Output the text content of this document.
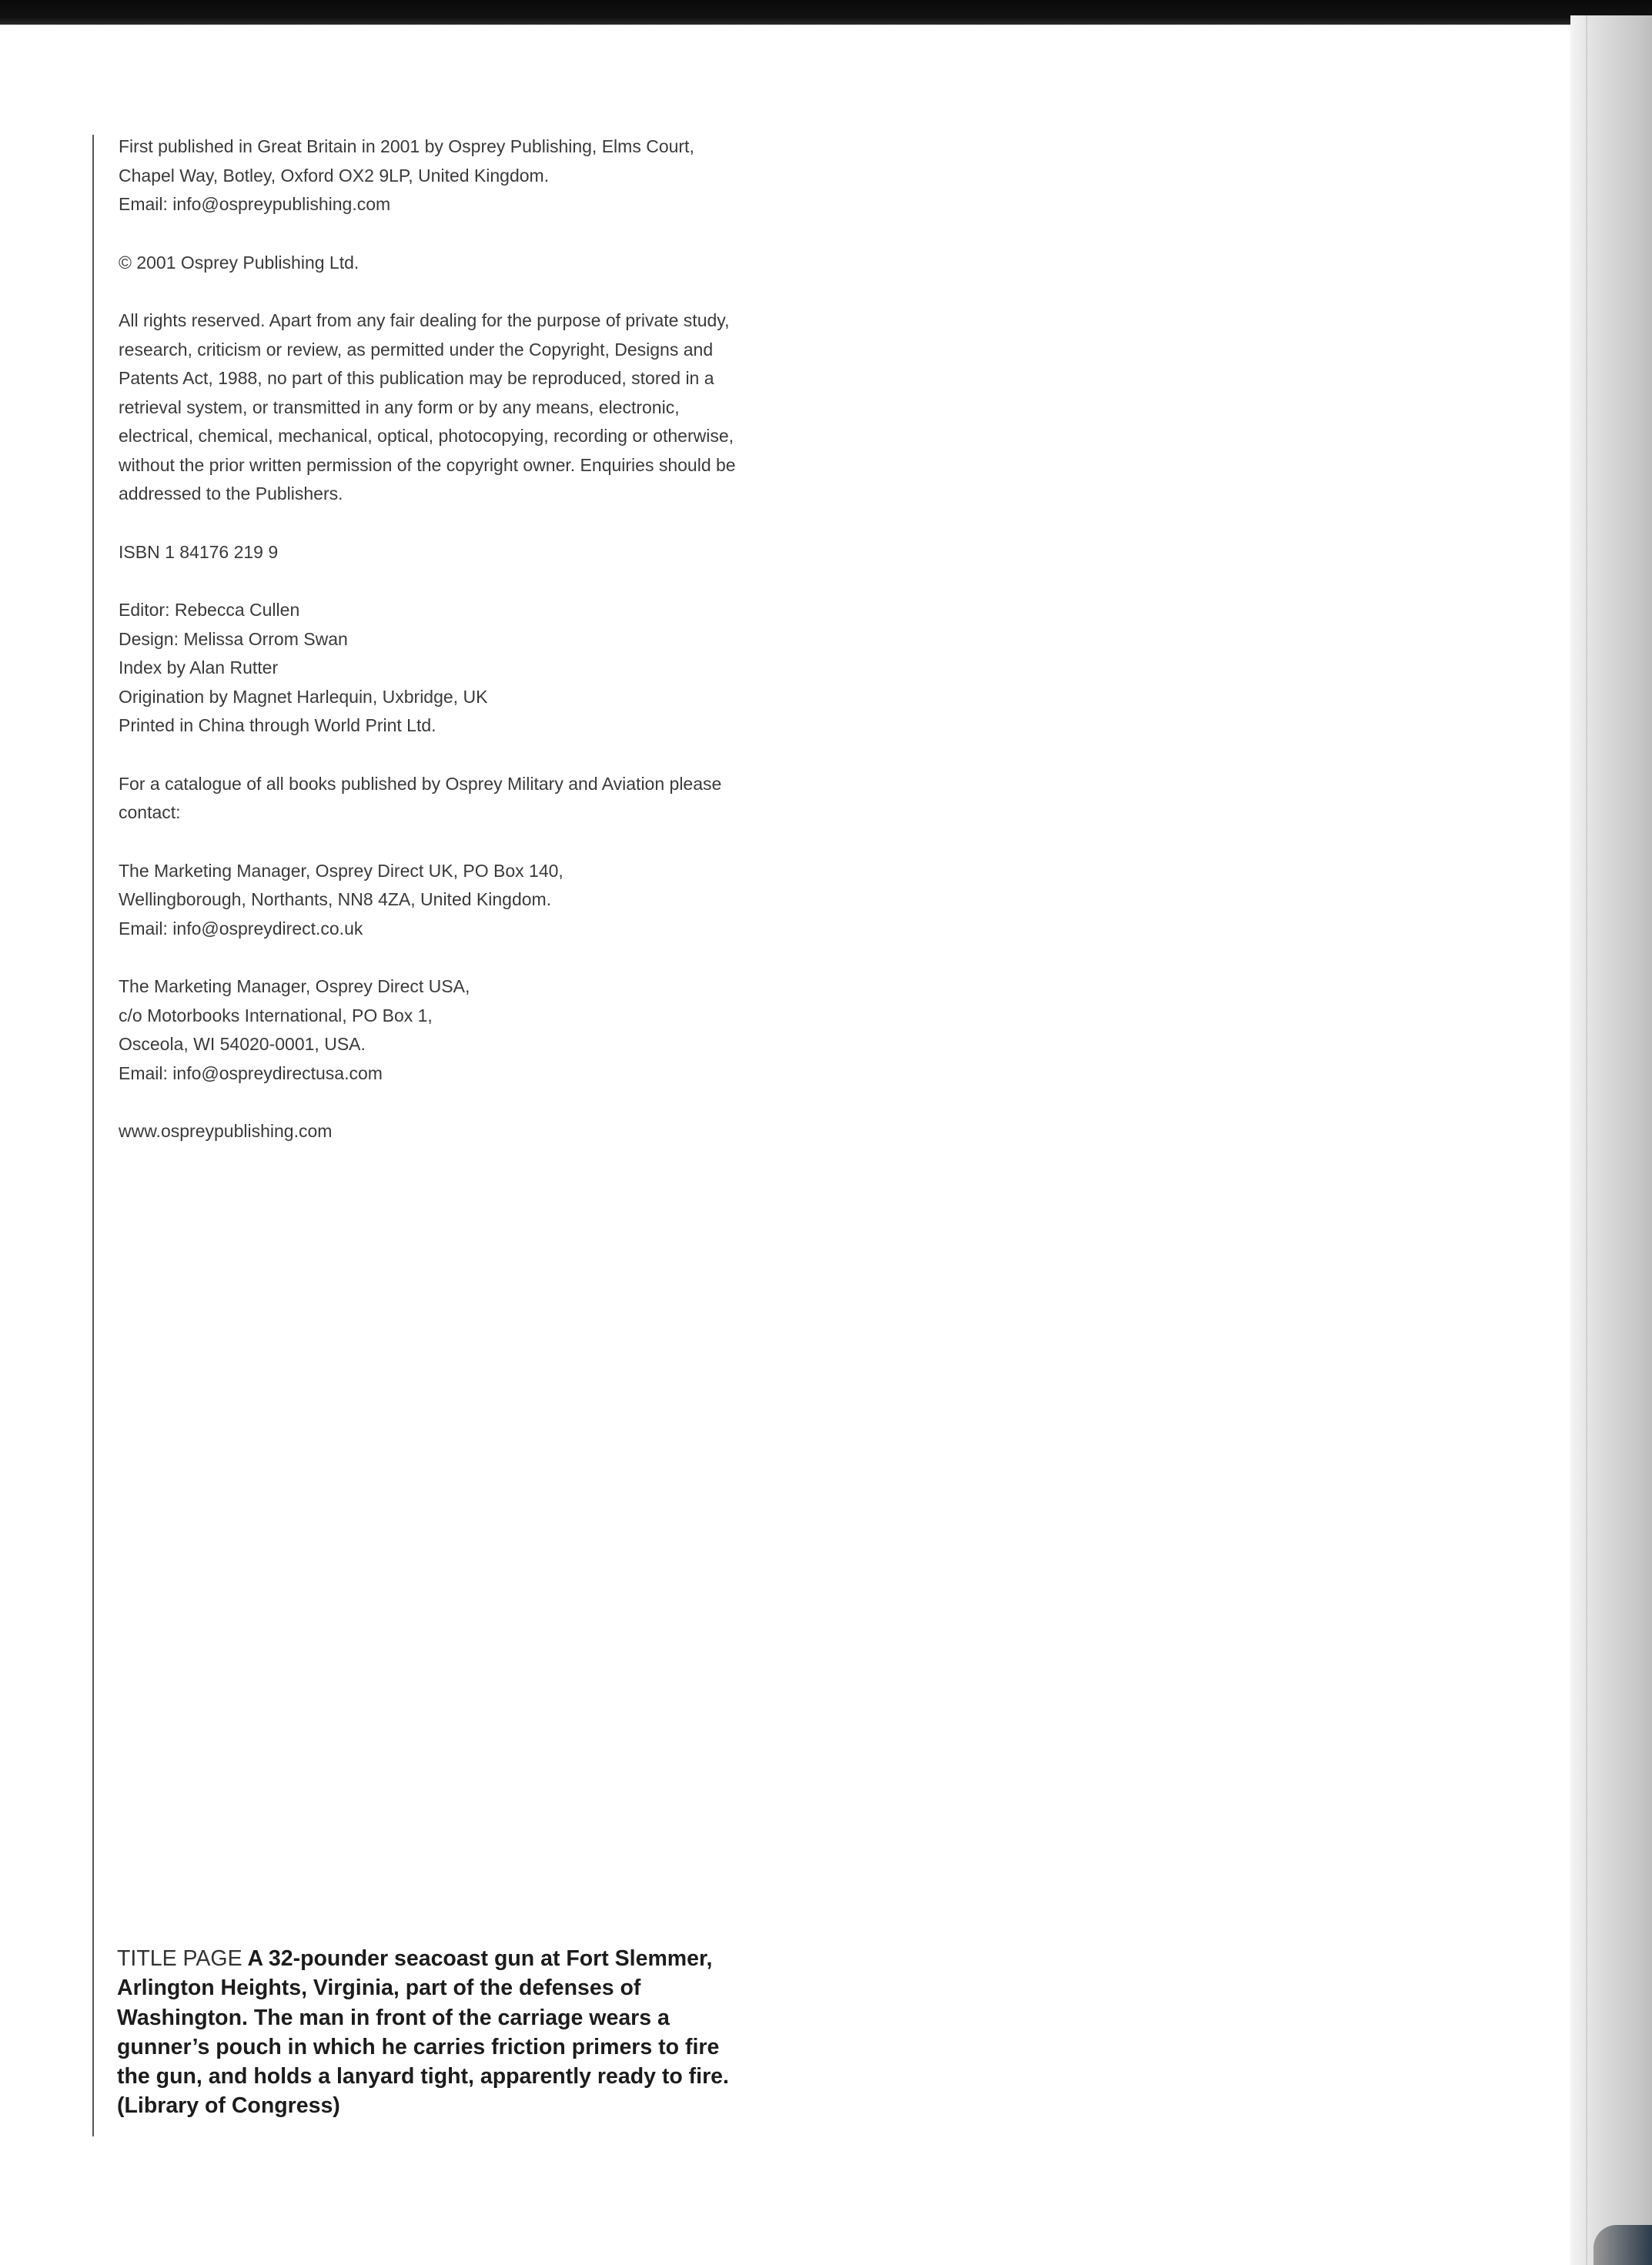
First published in Great Britain in 2001 by Osprey Publishing, Elms Court,
Chapel Way, Botley, Oxford OX2 9LP, United Kingdom.
Email: info@ospreypublishing.com

© 2001 Osprey Publishing Ltd.

All rights reserved. Apart from any fair dealing for the purpose of private study,
research, criticism or review, as permitted under the Copyright, Designs and
Patents Act, 1988, no part of this publication may be reproduced, stored in a
retrieval system, or transmitted in any form or by any means, electronic,
electrical, chemical, mechanical, optical, photocopying, recording or otherwise,
without the prior written permission of the copyright owner. Enquiries should be
addressed to the Publishers.

ISBN 1 84176 219 9

Editor: Rebecca Cullen
Design: Melissa Orrom Swan
Index by Alan Rutter
Origination by Magnet Harlequin, Uxbridge, UK
Printed in China through World Print Ltd.

For a catalogue of all books published by Osprey Military and Aviation please
contact:

The Marketing Manager, Osprey Direct UK, PO Box 140,
Wellingborough, Northants, NN8 4ZA, United Kingdom.
Email: info@ospreydirect.co.uk

The Marketing Manager, Osprey Direct USA,
c/o Motorbooks International, PO Box 1,
Osceola, WI 54020-0001, USA.
Email: info@ospreydirectusa.com

www.ospreypublishing.com

TITLE PAGE A 32-pounder seacoast gun at Fort Slemmer,
Arlington Heights, Virginia, part of the defenses of
Washington. The man in front of the carriage wears a
gunner’s pouch in which he carries friction primers to fire
the gun, and holds a lanyard tight, apparently ready to fire.
(Library of Congress)
